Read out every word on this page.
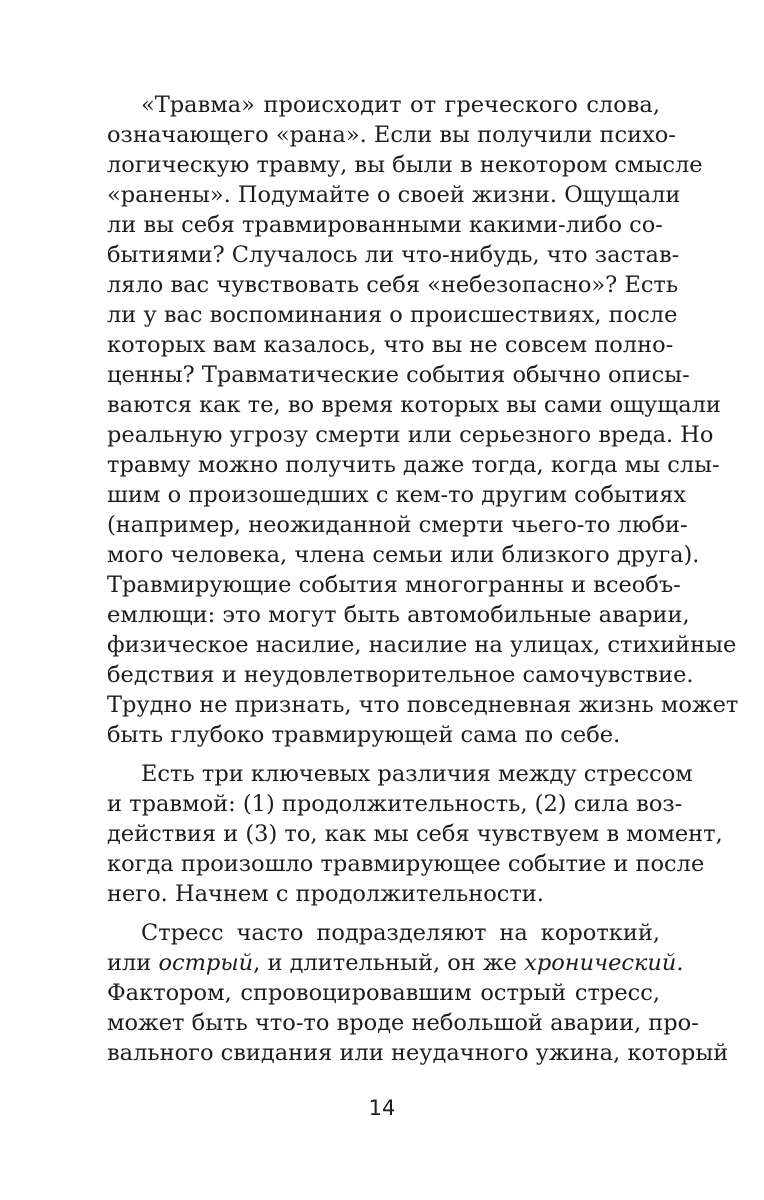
«Травма» происходит от греческого слова,
означающего «рана». Если вы получили психо-
логическую травму, вы были в некотором смысле
«ранены». Подумайте о своей жизни. Ощущали
ли вы себя травмированными какими-либо со-
бытиями? Случалось ли что-нибудь, что застав-
ляло вас чувствовать себя «небезопасно»? Есть
ли у вас воспоминания о происшествиях, после
которых вам казалось, что вы не совсем полно-
ценны? Травматические события обычно описы-
ваются как те, во время которых вы сами ощущали
реальную угрозу смерти или серьезного вреда. Но
травму можно получить даже тогда, когда мы слы-
шим о произошедших с кем-то другим событиях
(например, неожиданной смерти чьего-то люби-
мого человека, члена семьи или близкого друга).
Травмирующие события многогранны и всеобъ-
емлющи: это могут быть автомобильные аварии,
физическое насилие, насилие на улицах, стихийные
бедствия и неудовлетворительное самочувствие.
Трудно не признать, что повседневная жизнь может
быть глубоко травмирующей сама по себе.
Есть три ключевых различия между стрессом
и травмой: (1) продолжительность, (2) сила воз-
действия и (3) то, как мы себя чувствуем в момент,
когда произошло травмирующее событие и после
него. Начнем с продолжительности.
Стресс часто подразделяют на короткий,
или острый, и длительный, он же хронический.
Фактором, спровоцировавшим острый стресс,
может быть что-то вроде небольшой аварии, про-
вального свидания или неудачного ужина, который
14
